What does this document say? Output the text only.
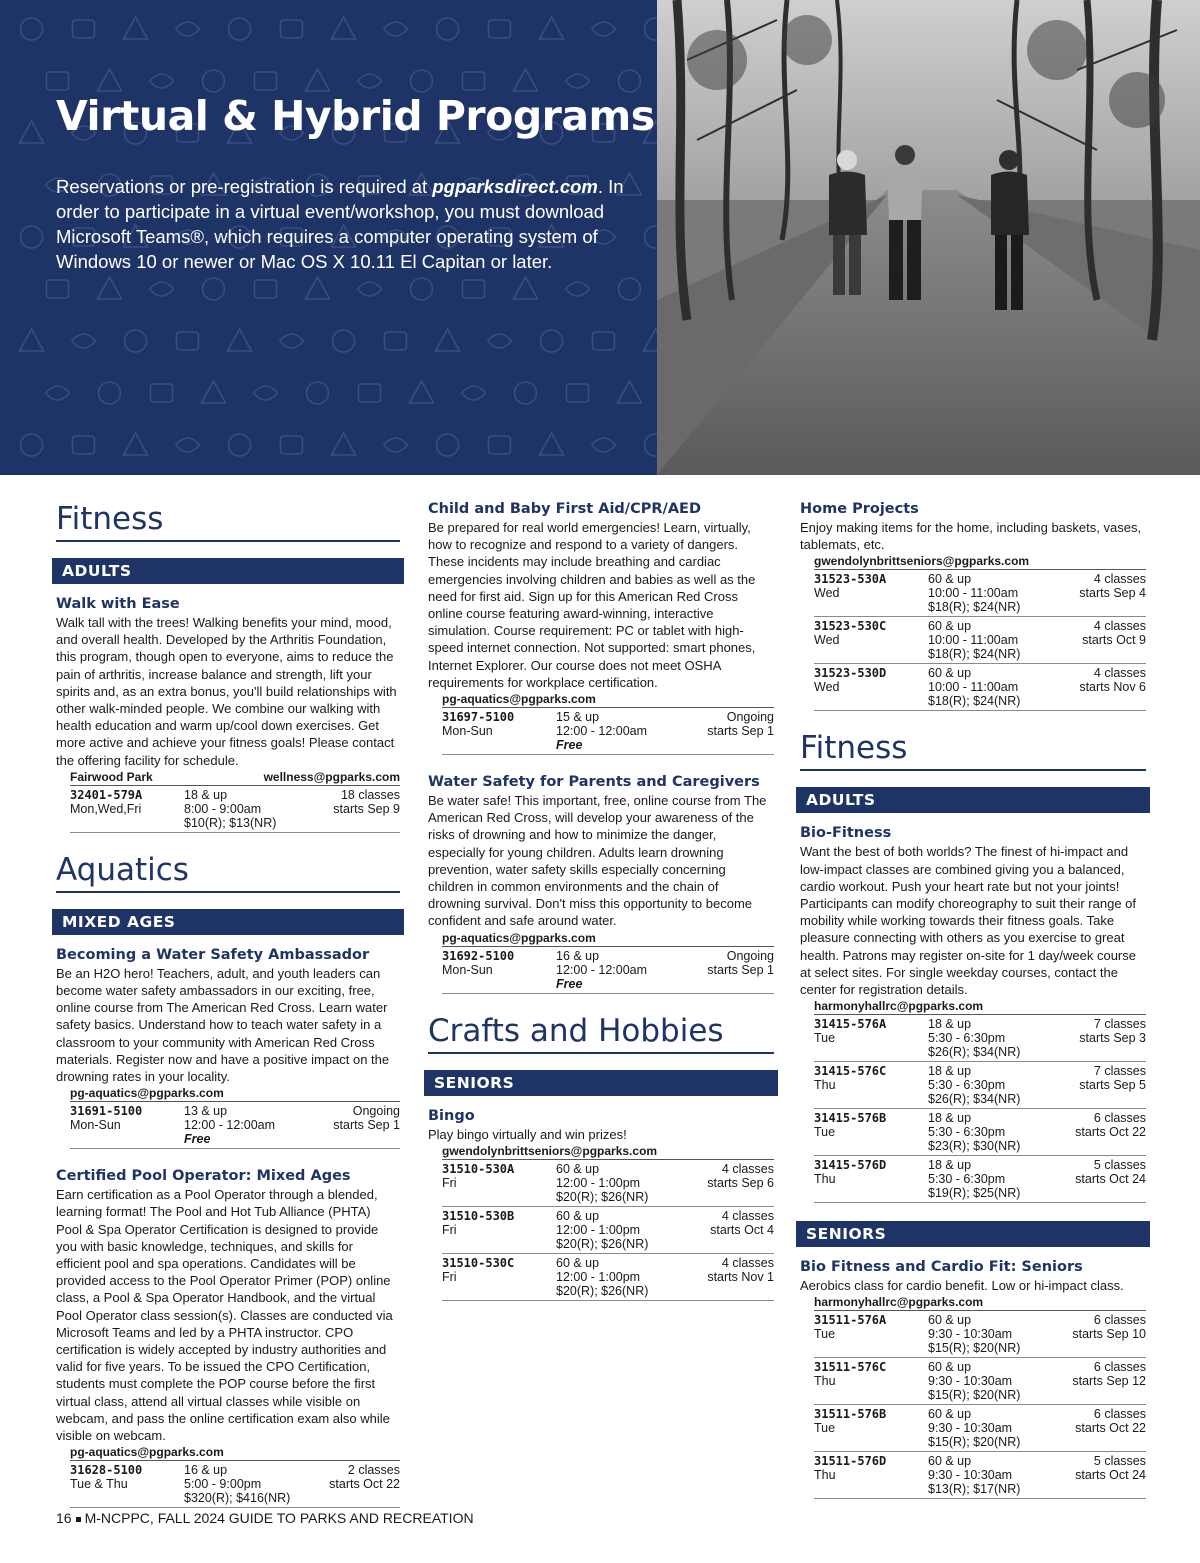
Virtual & Hybrid Programs
Reservations or pre-registration is required at pgparksdirect.com. In order to participate in a virtual event/workshop, you must download Microsoft Teams®, which requires a computer operating system of Windows 10 or newer or Mac OS X 10.11 El Capitan or later.
Fitness
ADULTS
Walk with Ease
Walk tall with the trees! Walking benefits your mind, mood, and overall health. Developed by the Arthritis Foundation, this program, though open to everyone, aims to reduce the pain of arthritis, increase balance and strength, lift your spirits and, as an extra bonus, you'll build relationships with other walk-minded people. We combine our walking with health education and warm up/cool down exercises. Get more active and achieve your fitness goals! Please contact the offering facility for schedule.
Fairwood Park	wellness@pgparks.com
32401-579A
Mon,Wed,Fri
18 & up
8:00 - 9:00am
$10(R); $13(NR)
18 classes
starts Sep 9
Aquatics
MIXED AGES
Becoming a Water Safety Ambassador
Be an H2O hero! Teachers, adult, and youth leaders can become water safety ambassadors in our exciting, free, online course from The American Red Cross. Learn water safety basics. Understand how to teach water safety in a classroom to your community with American Red Cross materials. Register now and have a positive impact on the drowning rates in your locality.
pg-aquatics@pgparks.com
31691-5100
Mon-Sun
13 & up
12:00 - 12:00am
Free
Ongoing
starts Sep 1
Certified Pool Operator: Mixed Ages
Earn certification as a Pool Operator through a blended, learning format! The Pool and Hot Tub Alliance (PHTA) Pool & Spa Operator Certification is designed to provide you with basic knowledge, techniques, and skills for efficient pool and spa operations. Candidates will be provided access to the Pool Operator Primer (POP) online class, a Pool & Spa Operator Handbook, and the virtual Pool Operator class session(s). Classes are conducted via Microsoft Teams and led by a PHTA instructor. CPO certification is widely accepted by industry authorities and valid for five years. To be issued the CPO Certification, students must complete the POP course before the first virtual class, attend all virtual classes while visible on webcam, and pass the online certification exam also while visible on webcam.
pg-aquatics@pgparks.com
31628-5100
Tue & Thu
16 & up
5:00 - 9:00pm
$320(R); $416(NR)
2 classes
starts Oct 22
Child and Baby First Aid/CPR/AED
Be prepared for real world emergencies! Learn, virtually, how to recognize and respond to a variety of dangers. These incidents may include breathing and cardiac emergencies involving children and babies as well as the need for first aid. Sign up for this American Red Cross online course featuring award-winning, interactive simulation. Course requirement: PC or tablet with high-speed internet connection. Not supported: smart phones, Internet Explorer. Our course does not meet OSHA requirements for workplace certification.
pg-aquatics@pgparks.com
31697-5100
Mon-Sun
15 & up
12:00 - 12:00am
Free
Ongoing
starts Sep 1
Water Safety for Parents and Caregivers
Be water safe! This important, free, online course from The American Red Cross, will develop your awareness of the risks of drowning and how to minimize the danger, especially for young children. Adults learn drowning prevention, water safety skills especially concerning children in common environments and the chain of drowning survival. Don't miss this opportunity to become confident and safe around water.
pg-aquatics@pgparks.com
31692-5100
Mon-Sun
16 & up
12:00 - 12:00am
Free
Ongoing
starts Sep 1
Crafts and Hobbies
SENIORS
Bingo
Play bingo virtually and win prizes!
gwendolynbrittseniors@pgparks.com
31510-530A
Fri
60 & up
12:00 - 1:00pm
$20(R); $26(NR)
4 classes
starts Sep 6
31510-530B
Fri
60 & up
12:00 - 1:00pm
$20(R); $26(NR)
4 classes
starts Oct 4
31510-530C
Fri
60 & up
12:00 - 1:00pm
$20(R); $26(NR)
4 classes
starts Nov 1
Home Projects
Enjoy making items for the home, including baskets, vases, tablemats, etc.
gwendolynbrittseniors@pgparks.com
31523-530A
Wed
60 & up
10:00 - 11:00am
$18(R); $24(NR)
4 classes
starts Sep 4
31523-530C
Wed
60 & up
10:00 - 11:00am
$18(R); $24(NR)
4 classes
starts Oct 9
31523-530D
Wed
60 & up
10:00 - 11:00am
$18(R); $24(NR)
4 classes
starts Nov 6
Fitness
ADULTS
Bio-Fitness
Want the best of both worlds? The finest of hi-impact and low-impact classes are combined giving you a balanced, cardio workout. Push your heart rate but not your joints! Participants can modify choreography to suit their range of mobility while working towards their fitness goals. Take pleasure connecting with others as you exercise to great health. Patrons may register on-site for 1 day/week course at select sites. For single weekday courses, contact the center for registration details.
harmonyhallrc@pgparks.com
31415-576A
Tue
18 & up
5:30 - 6:30pm
$26(R); $34(NR)
7 classes
starts Sep 3
31415-576C
Thu
18 & up
5:30 - 6:30pm
$26(R); $34(NR)
7 classes
starts Sep 5
31415-576B
Tue
18 & up
5:30 - 6:30pm
$23(R); $30(NR)
6 classes
starts Oct 22
31415-576D
Thu
18 & up
5:30 - 6:30pm
$19(R); $25(NR)
5 classes
starts Oct 24
SENIORS
Bio Fitness and Cardio Fit: Seniors
Aerobics class for cardio benefit. Low or hi-impact class.
harmonyhallrc@pgparks.com
31511-576A
Tue
60 & up
9:30 - 10:30am
$15(R); $20(NR)
6 classes
starts Sep 10
31511-576C
Thu
60 & up
9:30 - 10:30am
$15(R); $20(NR)
6 classes
starts Sep 12
31511-576B
Tue
60 & up
9:30 - 10:30am
$15(R); $20(NR)
6 classes
starts Oct 22
31511-576D
Thu
60 & up
9:30 - 10:30am
$13(R); $17(NR)
5 classes
starts Oct 24
16 M-NCPPC, FALL 2024 GUIDE TO PARKS AND RECREATION
